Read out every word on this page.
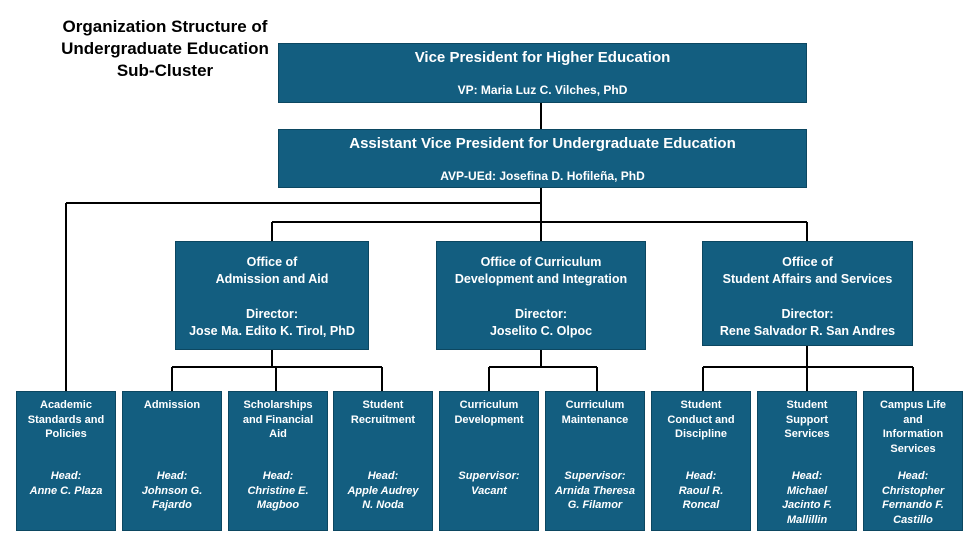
Organization Structure of
Undergraduate Education
Sub-Cluster
Vice President for Higher Education
VP: Maria Luz C. Vilches, PhD
Assistant Vice President for Undergraduate Education
AVP-UEd: Josefina D. Hofileña, PhD
Office of
Admission and Aid
Director:
Jose Ma. Edito K. Tirol, PhD
Office of Curriculum
Development and Integration
Director:
Joselito C. Olpoc
Office of
Student Affairs and Services
Director:
Rene Salvador R. San Andres
Academic
Standards and
Policies
Head:
Anne C. Plaza
Admission
Head:
Johnson G.
Fajardo
Scholarships
and Financial
Aid
Head:
Christine E.
Magboo
Student
Recruitment
Head:
Apple Audrey
N. Noda
Curriculum
Development
Supervisor:
Vacant
Curriculum
Maintenance
Supervisor:
Arnida Theresa
G. Filamor
Student
Conduct and
Discipline
Head:
Raoul R.
Roncal
Student
Support
Services
Head:
Michael
Jacinto F.
Mallillin
Campus Life
and
Information
Services
Head:
Christopher
Fernando F.
Castillo
